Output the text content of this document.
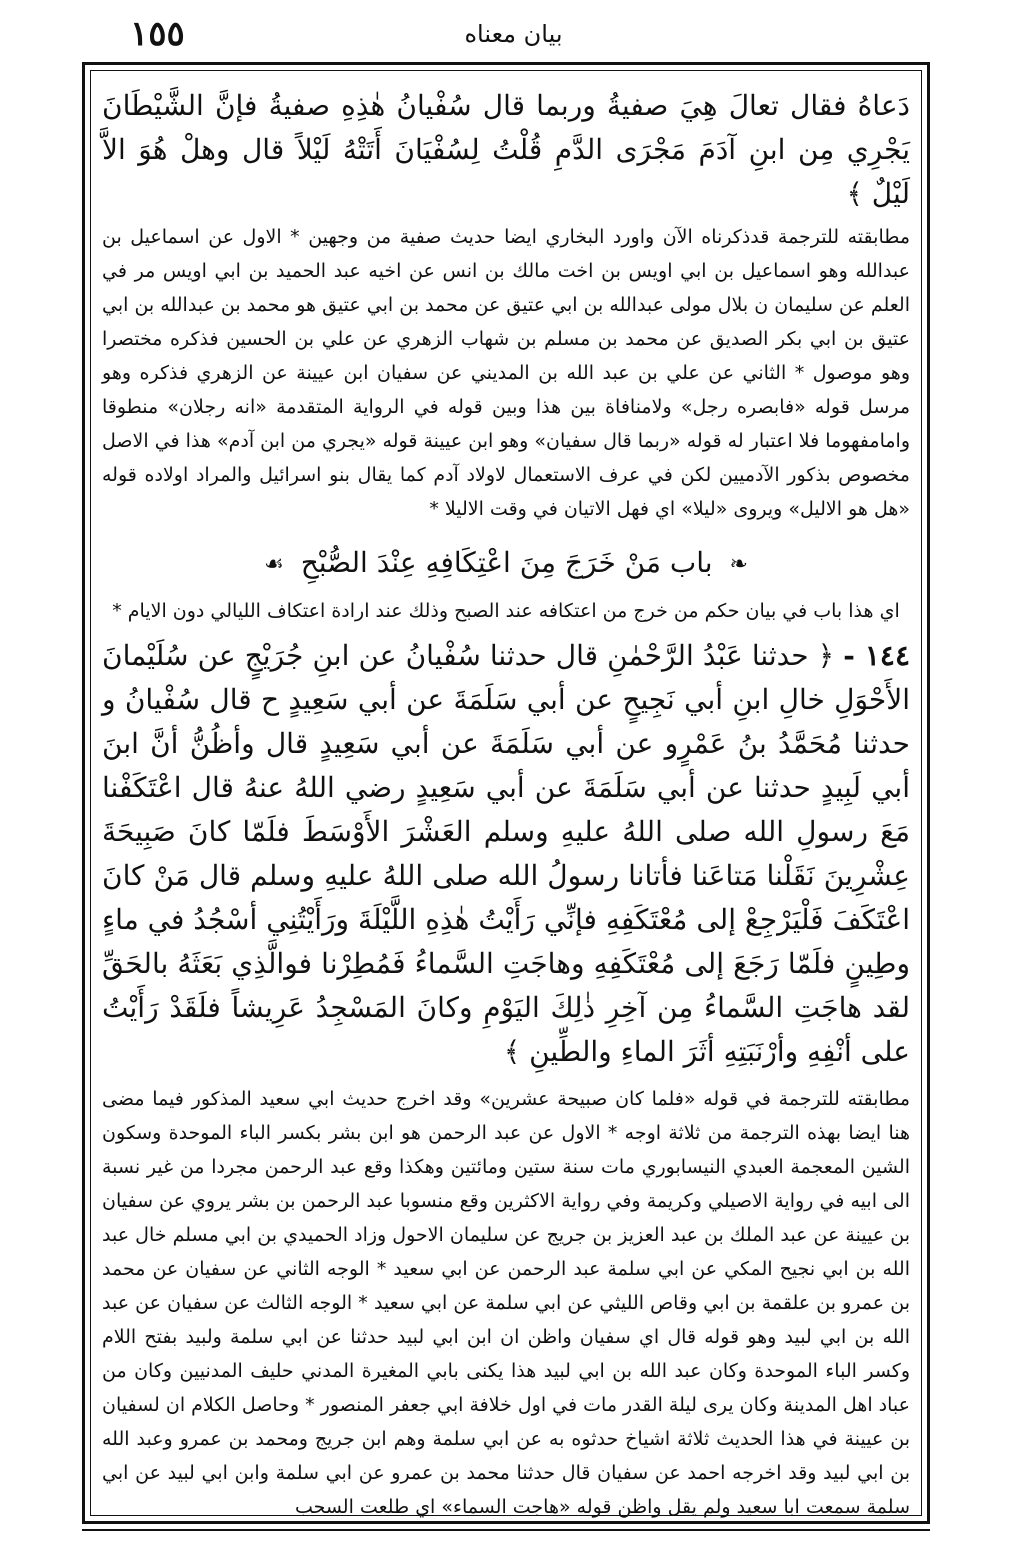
١٥٥	بيان معناه

دَعاهُ فقال تعالَ هِيَ صفيةُ وربما قال سُفْيانُ هٰذِهِ صفيةُ فإنَّ الشَّيْطَانَ يَجْرِي مِن ابنِ آدَمَ مَجْرَى الدَّمِ قُلْتُ لِسُفْيَانَ أَتَتْهُ لَيْلاً قال وهلْ هُوَ الاَّ لَيْلٌ ﴾

مطابقته للترجمة قدذكرناه الآن واورد البخاري ايضا حديث صفية من وجهين * الاول عن اسماعيل بن عبدالله وهو اسماعيل بن ابي اويس بن اخت مالك بن انس عن اخيه عبد الحميد بن ابي اويس مر في العلم عن سليمان ن بلال مولى عبدالله بن ابي عتيق عن محمد بن ابي عتيق هو محمد بن عبدالله بن ابي عتيق بن ابي بكر الصديق عن محمد بن مسلم بن شهاب الزهري عن علي بن الحسين فذكره مختصرا وهو موصول * الثاني عن علي بن عبد الله بن المديني عن سفيان ابن عيينة عن الزهري فذكره وهو مرسل قوله «فابصره رجل» ولامنافاة بين هذا وبين قوله في الرواية المتقدمة «انه رجلان» منطوقا وامامفهوما فلا اعتبار له قوله «ربما قال سفيان» وهو ابن عيينة قوله «يجري من ابن آدم» هذا في الاصل مخصوص بذكور الآدميين لكن في عرف الاستعمال لاولاد آدم كما يقال بنو اسرائيل والمراد اولاده قوله «هل هو الاليل» ويروى «ليلا» اي فهل الاتيان في وقت الاليلا *

❧ باب مَنْ خَرَجَ مِنَ اعْتِكَافِهِ عِنْدَ الصُّبْحِ ☙

اي هذا باب في بيان حكم من خرج من اعتكافه عند الصبح وذلك عند ارادة اعتكاف الليالي دون الايام *

١٤٤ - ﴿ حدثنا عَبْدُ الرَّحْمٰنِ قال حدثنا سُفْيانُ عن ابنِ جُرَيْجٍ عن سُلَيْمانَ الأَحْوَلِ خالِ ابنِ أبي نَجِيحٍ عن أبي سَلَمَةَ عن أبي سَعِيدٍ ح قال سُفْيانُ و حدثنا مُحَمَّدُ بنُ عَمْرٍو عن أبي سَلَمَةَ عن أبي سَعِيدٍ قال وأظُنُّ أنَّ ابنَ أبي لَبِيدٍ حدثنا عن أبي سَلَمَةَ عن أبي سَعِيدٍ رضي اللهُ عنهُ قال اعْتَكَفْنا مَعَ رسولِ الله صلى اللهُ عليهِ وسلم العَشْرَ الأَوْسَطَ فلَمّا كانَ صَبِيحَةَ عِشْرِينَ نَقَلْنا مَتاعَنا فأتانا رسولُ الله صلى اللهُ عليهِ وسلم قال مَنْ كانَ اعْتَكَفَ فَلْيَرْجِعْ إلى مُعْتَكَفِهِ فإنِّي رَأَيْتُ هٰذِهِ اللَّيْلَةَ ورَأَيْتُنِي أسْجُدُ في ماءٍ وطِينٍ فلَمّا رَجَعَ إلى مُعْتَكَفِهِ وهاجَتِ السَّماءُ فَمُطِرْنا فوالَّذِي بَعَثَهُ بالحَقِّ لقد هاجَتِ السَّماءُ مِن آخِرِ ذٰلِكَ اليَوْمِ وكانَ المَسْجِدُ عَرِيشاً فلَقَدْ رَأَيْتُ على أنْفِهِ وأرْنَبَتِهِ أثَرَ الماءِ والطِّينِ ﴾

مطابقته للترجمة في قوله «فلما كان صبيحة عشرين» وقد اخرج حديث ابي سعيد المذكور فيما مضى هنا ايضا بهذه الترجمة من ثلاثة اوجه * الاول عن عبد الرحمن هو ابن بشر بكسر الباء الموحدة وسكون الشين المعجمة العبدي النيسابوري مات سنة ستين ومائتين وهكذا وقع عبد الرحمن مجردا من غير نسبة الى ابيه في رواية الاصيلي وكريمة وفي رواية الاكثرين وقع منسوبا عبد الرحمن بن بشر يروي عن سفيان بن عيينة عن عبد الملك بن عبد العزيز بن جريج عن سليمان الاحول وزاد الحميدي بن ابي مسلم خال عبد الله بن ابي نجيح المكي عن ابي سلمة عبد الرحمن عن ابي سعيد * الوجه الثاني عن سفيان عن محمد بن عمرو بن علقمة بن ابي وقاص الليثي عن ابي سلمة عن ابي سعيد * الوجه الثالث عن سفيان عن عبد الله بن ابي لبيد وهو قوله قال اي سفيان واظن ان ابن ابي لبيد حدثنا عن ابي سلمة ولبيد بفتح اللام وكسر الباء الموحدة وكان عبد الله بن ابي لبيد هذا يكنى بابي المغيرة المدني حليف المدنيين وكان من عباد اهل المدينة وكان يرى ليلة القدر مات في اول خلافة ابي جعفر المنصور * وحاصل الكلام ان لسفيان بن عيينة في هذا الحديث ثلاثة اشياخ حدثوه به عن ابي سلمة وهم ابن جريج ومحمد بن عمرو وعبد الله بن ابي لبيد وقد اخرجه احمد عن سفيان قال حدثنا محمد بن عمرو عن ابي سلمة وابن ابي لبيد عن ابي سلمة سمعت ابا سعيد ولم يقل واظن قوله «هاجت السماء» اي طلعت السحب
